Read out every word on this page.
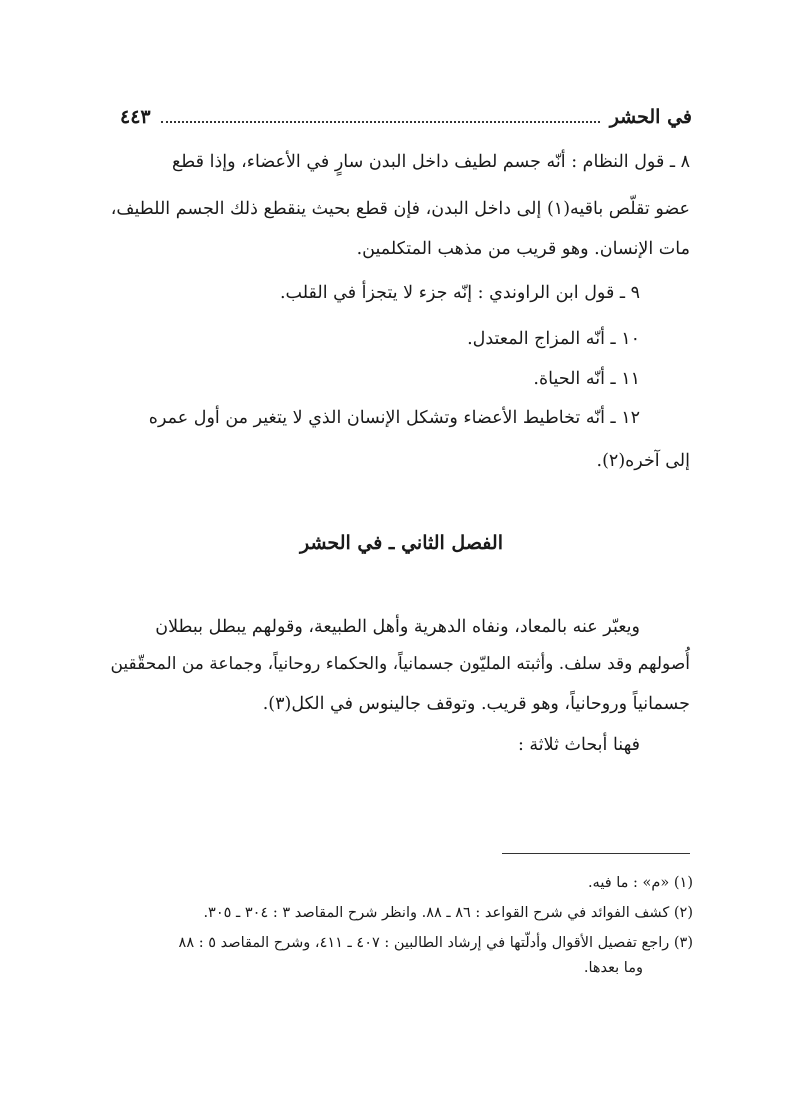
في الحشر
٤٤٣
٨ ـ قول النظام : أنّه جسم لطيف داخل البدن سارٍ في الأعضاء، وإذا قطع
عضو تقلّص باقيه(١) إلى داخل البدن، فإن قطع بحيث ينقطع ذلك الجسم اللطيف،
مات الإنسان. وهو قريب من مذهب المتكلمين.
٩ ـ قول ابن الراوندي : إنّه جزء لا يتجزأ في القلب.
١٠ ـ أنّه المزاج المعتدل.
١١ ـ أنّه الحياة.
١٢ ـ أنّه تخاطيط الأعضاء وتشكل الإنسان الذي لا يتغير من أول عمره
إلى آخره(٢).
الفصل الثاني ـ في الحشر
ويعبّر عنه بالمعاد، ونفاه الدهرية وأهل الطبيعة، وقولهم يبطل ببطلان
أُصولهم وقد سلف. وأثبته المليّون جسمانياً، والحكماء روحانياً، وجماعة من المحقّقين
جسمانياً وروحانياً، وهو قريب. وتوقف جالينوس في الكل(٣).
فهنا أبحاث ثلاثة :
(١) «م» : ما فيه.
(٢) كشف الفوائد في شرح القواعد : ٨٦ ـ ٨٨. وانظر شرح المقاصد ٣ : ٣٠٤ ـ ٣٠٥.
(٣) راجع تفصيل الأقوال وأدلّتها في إرشاد الطالبين : ٤٠٧ ـ ٤١١، وشرح المقاصد ٥ : ٨٨
وما بعدها.
